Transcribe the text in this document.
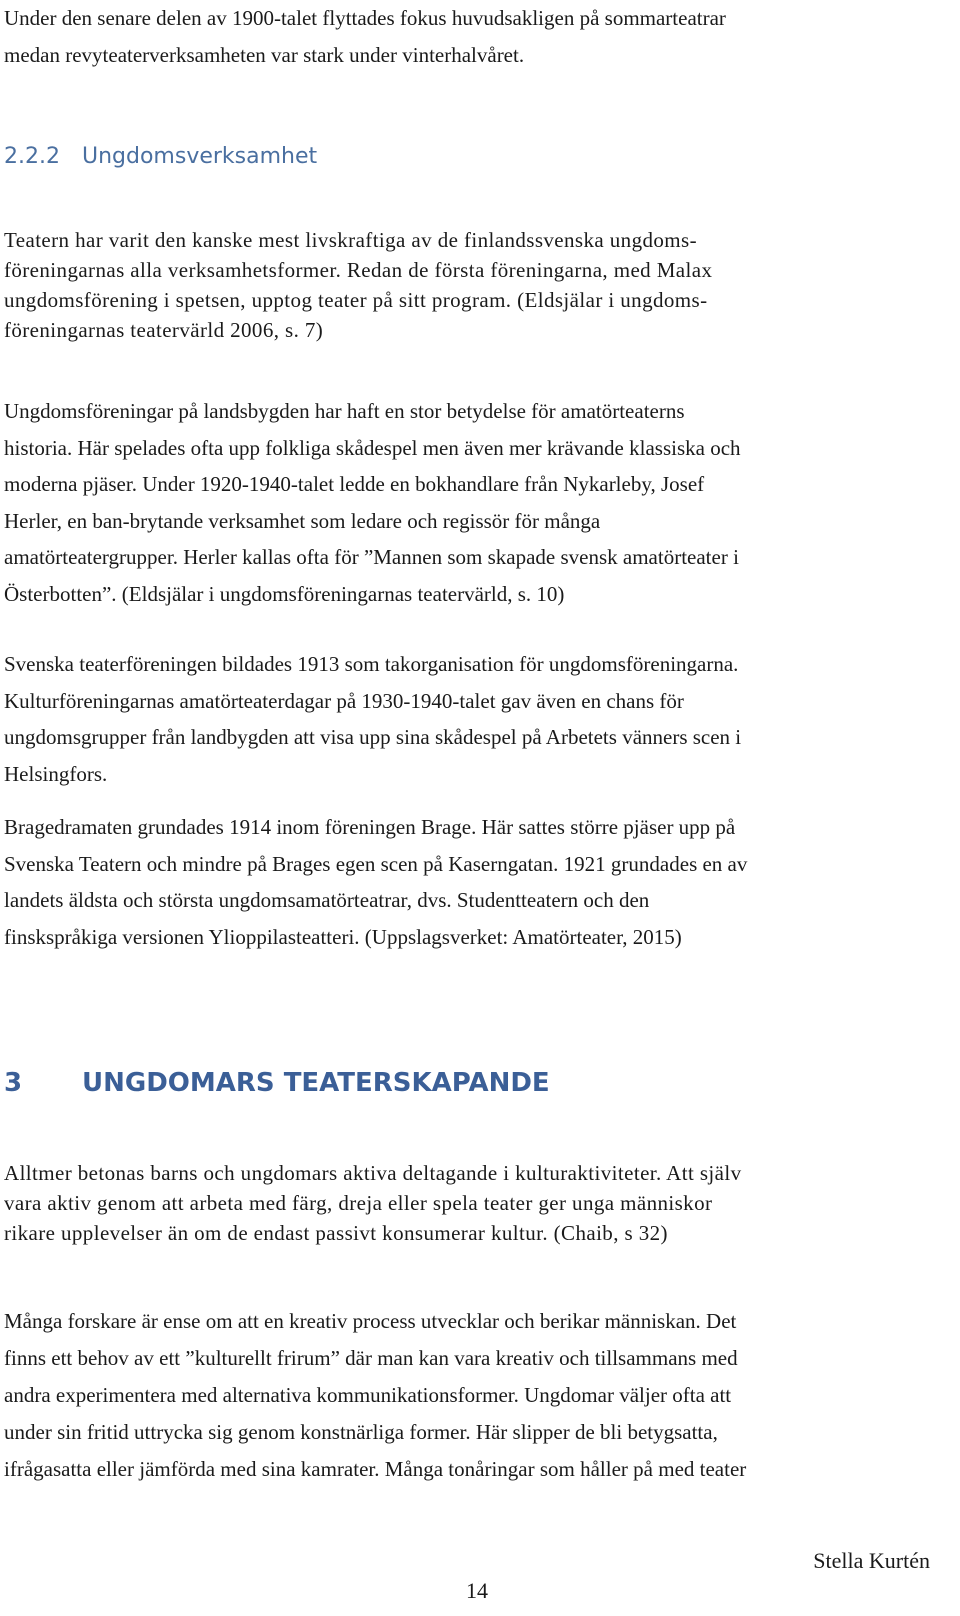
Under den senare delen av 1900-talet flyttades fokus huvudsakligen på sommarteatrar
medan revyteaterverksamheten var stark under vinterhalvåret.
2.2.2 Ungdomsverksamhet
Teatern har varit den kanske mest livskraftiga av de finlandssvenska ungdoms-
föreningarnas alla verksamhetsformer. Redan de första föreningarna, med Malax
ungdomsförening i spetsen, upptog teater på sitt program. (Eldsjälar i ungdoms-
föreningarnas teatervärld 2006, s. 7)
Ungdomsföreningar på landsbygden har haft en stor betydelse för amatörteaterns
historia. Här spelades ofta upp folkliga skådespel men även mer krävande klassiska och
moderna pjäser. Under 1920-1940-talet ledde en bokhandlare från Nykarleby, Josef
Herler, en ban-brytande verksamhet som ledare och regissör för många
amatörteatergrupper. Herler kallas ofta för ”Mannen som skapade svensk amatörteater i
Österbotten”. (Eldsjälar i ungdomsföreningarnas teatervärld, s. 10)
Svenska teaterföreningen bildades 1913 som takorganisation för ungdomsföreningarna.
Kulturföreningarnas amatörteaterdagar på 1930-1940-talet gav även en chans för
ungdomsgrupper från landbygden att visa upp sina skådespel på Arbetets vänners scen i
Helsingfors.
Bragedramaten grundades 1914 inom föreningen Brage. Här sattes större pjäser upp på
Svenska Teatern och mindre på Brages egen scen på Kaserngatan. 1921 grundades en av
landets äldsta och största ungdomsamatörteatrar, dvs. Studentteatern och den
finskspråkiga versionen Ylioppilasteatteri. (Uppslagsverket: Amatörteater, 2015)
3 UNGDOMARS TEATERSKAPANDE
Alltmer betonas barns och ungdomars aktiva deltagande i kulturaktiviteter. Att själv
vara aktiv genom att arbeta med färg, dreja eller spela teater ger unga människor
rikare upplevelser än om de endast passivt konsumerar kultur. (Chaib, s 32)
Många forskare är ense om att en kreativ process utvecklar och berikar människan. Det
finns ett behov av ett ”kulturellt frirum” där man kan vara kreativ och tillsammans med
andra experimentera med alternativa kommunikationsformer. Ungdomar väljer ofta att
under sin fritid uttrycka sig genom konstnärliga former. Här slipper de bli betygsatta,
ifrågasatta eller jämförda med sina kamrater. Många tonåringar som håller på med teater

Stella Kurtén

14
